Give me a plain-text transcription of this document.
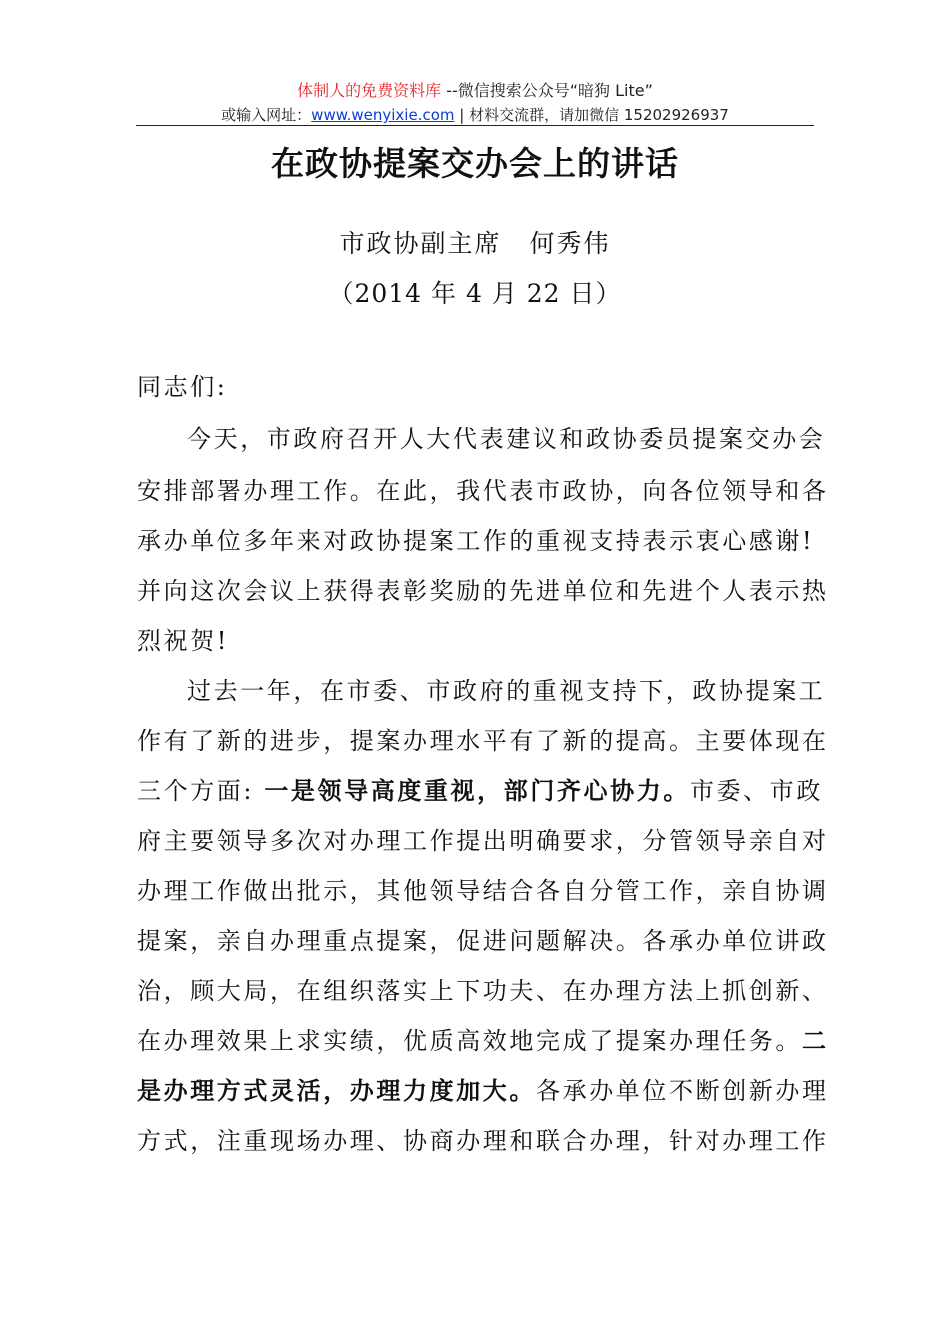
体制人的免费资料库 --微信搜索公众号“暗狗 Lite”
或输入网址：www.wenyixie.com | 材料交流群，请加微信 15202926937
在政协提案交办会上的讲话
市政协副主席 何秀伟
（2014 年 4 月 22 日）
同志们:
今天，市政府召开人大代表建议和政协委员提案交办会
安排部署办理工作。在此，我代表市政协，向各位领导和各
承办单位多年来对政协提案工作的重视支持表示衷心感谢!
并向这次会议上获得表彰奖励的先进单位和先进个人表示热
烈祝贺!
过去一年，在市委、市政府的重视支持下，政协提案工
作有了新的进步，提案办理水平有了新的提高。主要体现在
三个方面: 一是领导高度重视，部门齐心协力。市委、市政
府主要领导多次对办理工作提出明确要求，分管领导亲自对
办理工作做出批示，其他领导结合各自分管工作，亲自协调
提案，亲自办理重点提案，促进问题解决。各承办单位讲政
治，顾大局，在组织落实上下功夫、在办理方法上抓创新、
在办理效果上求实绩，优质高效地完成了提案办理任务。二
是办理方式灵活，办理力度加大。各承办单位不断创新办理
方式，注重现场办理、协商办理和联合办理，针对办理工作
